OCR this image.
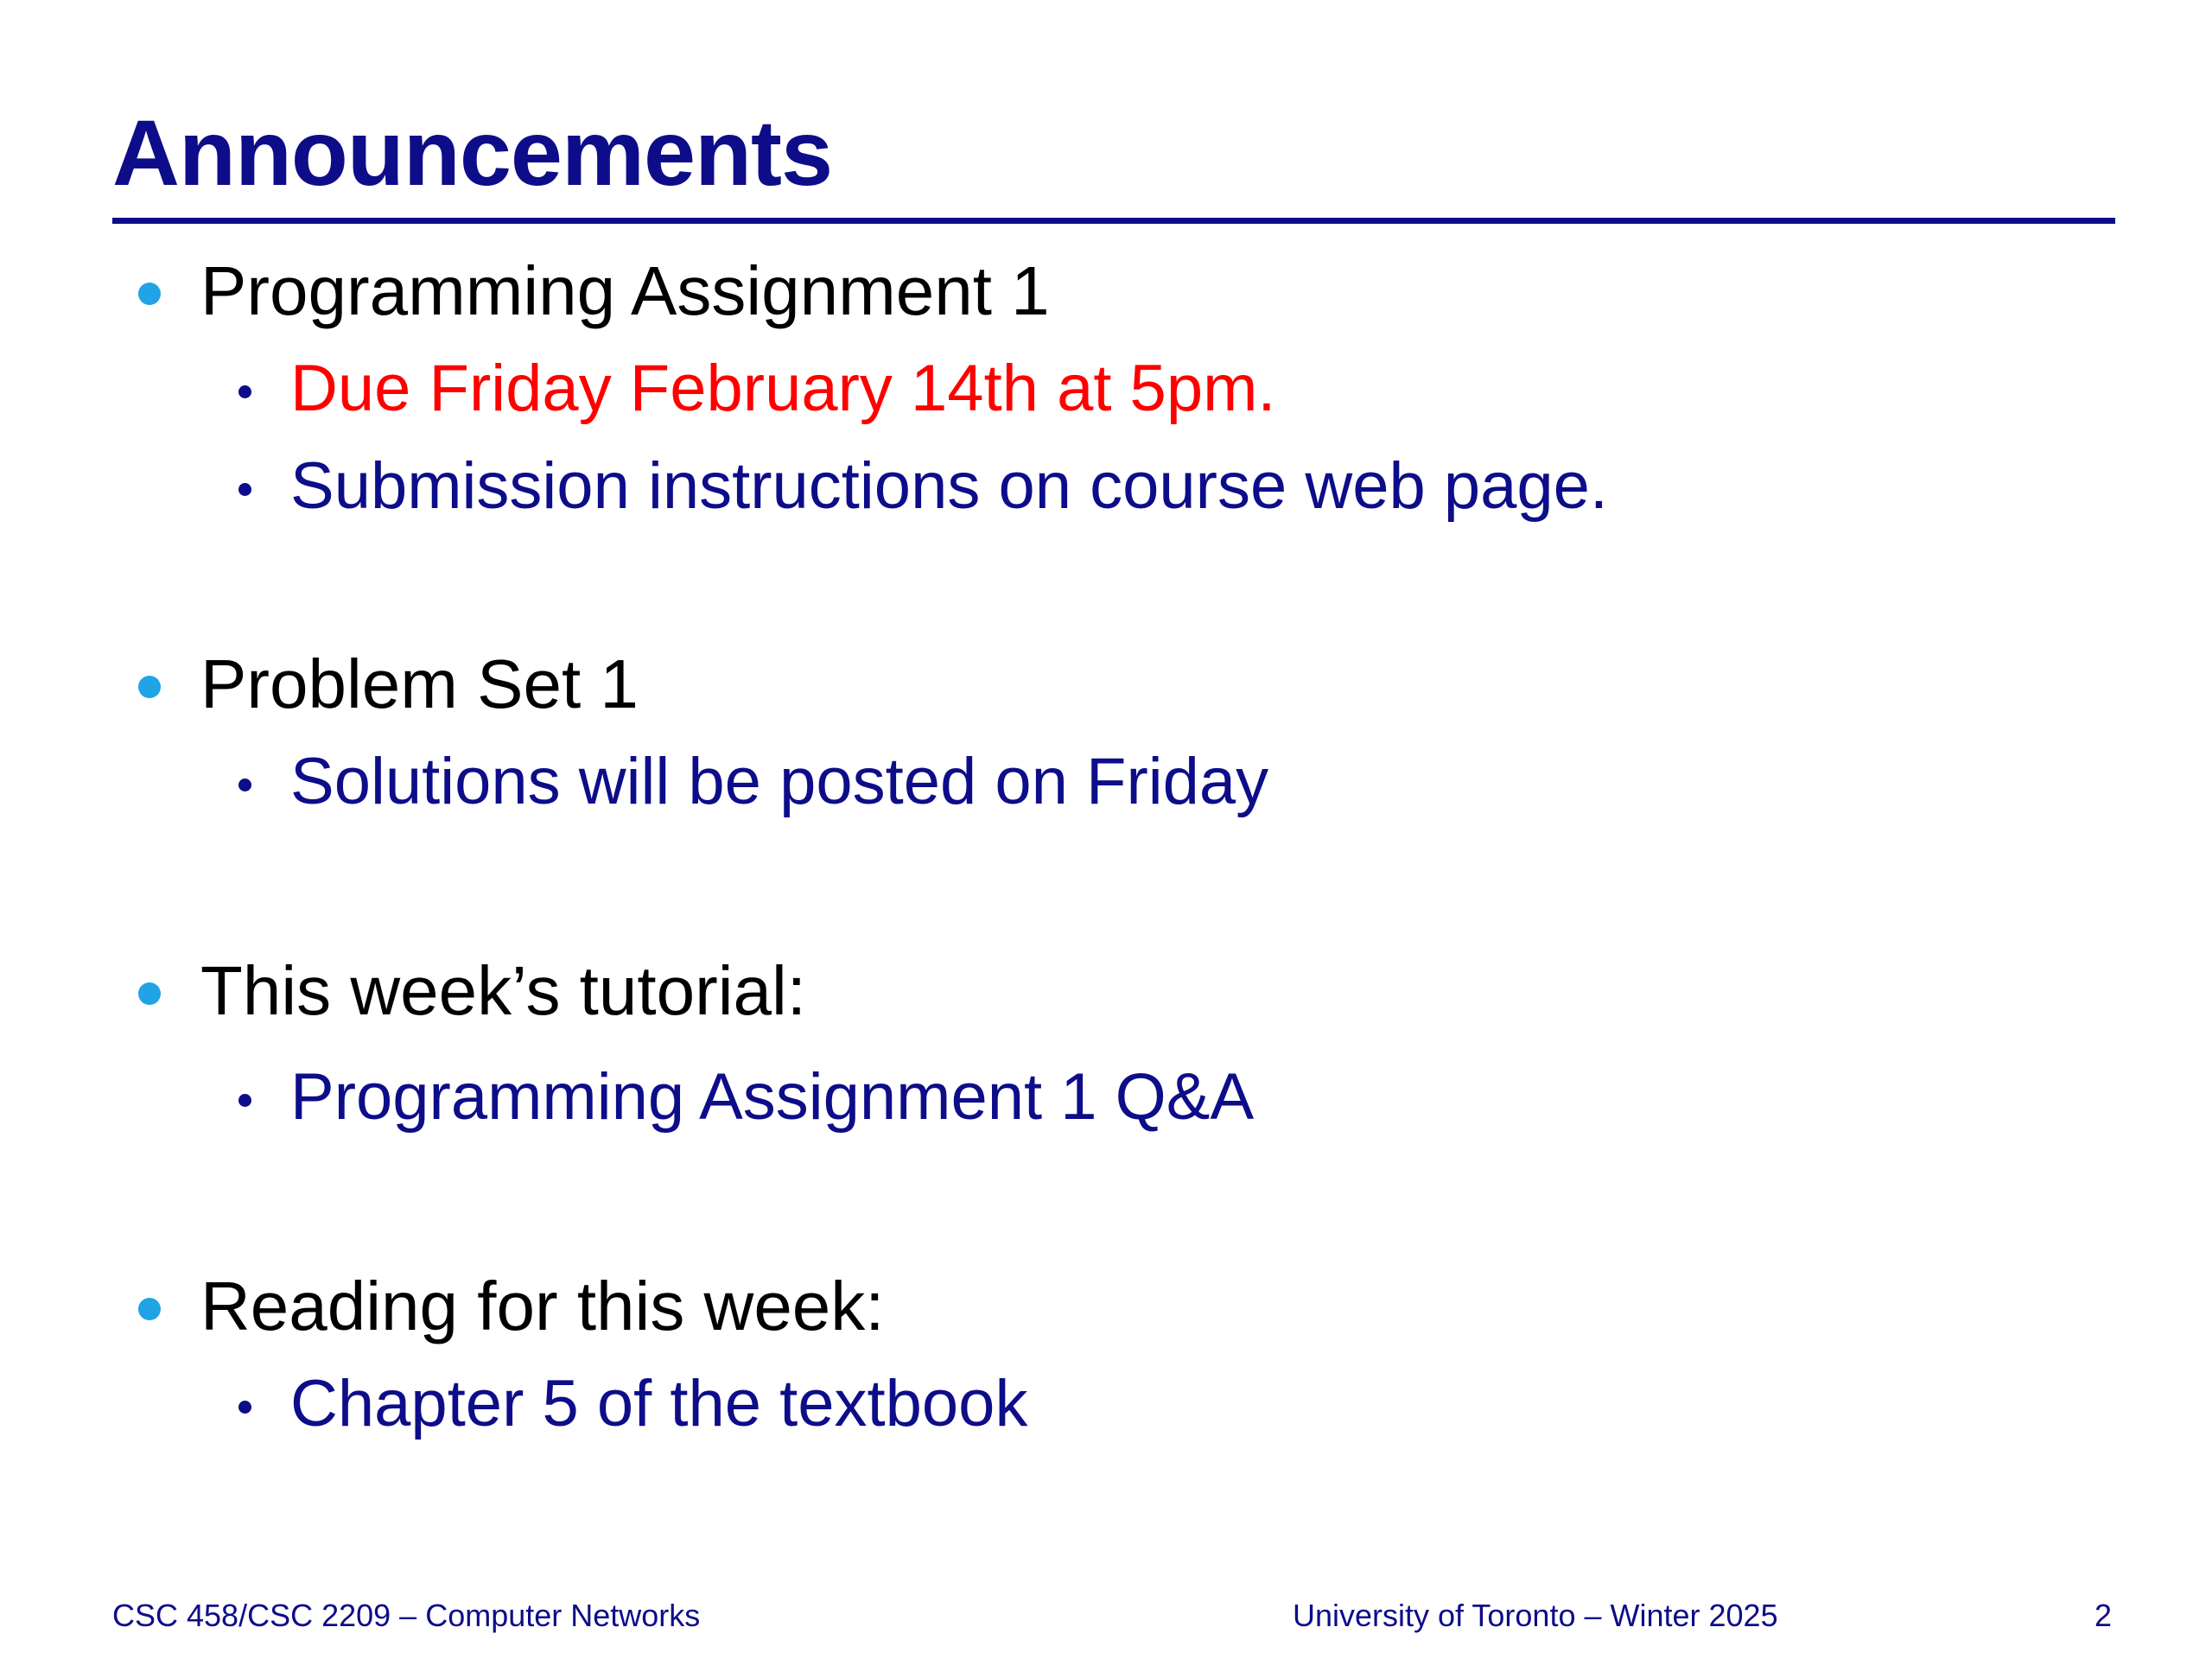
Announcements
Programming Assignment 1
Due Friday February 14th at 5pm.
Submission instructions on course web page.
Problem Set 1
Solutions will be posted on Friday
This week’s tutorial:
Programming Assignment 1 Q&A
Reading for this week:
Chapter 5 of the textbook
CSC 458/CSC 2209 – Computer Networks	University of Toronto – Winter 2025	2
